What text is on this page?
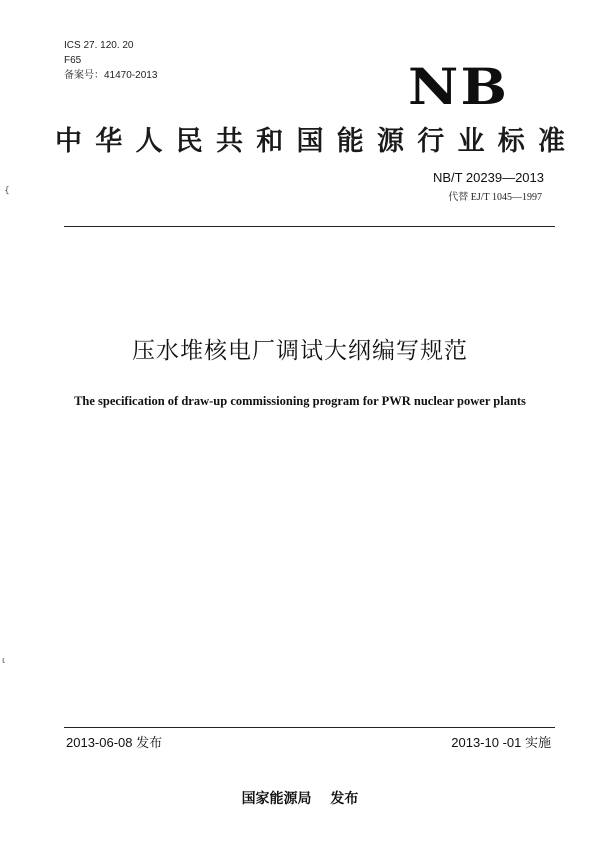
ICS 27. 120. 20
F65
备案号：41470-2013	NB
中 华 人 民 共 和 国 能 源 行 业 标 准
NB/T 20239—2013
代替 EJ/T 1045—1997
压水堆核电厂调试大纲编写规范
The specification of draw-up commissioning program for PWR nuclear power plants
{
ι
2013-06-08 发布	2013-10 -01 实施
国家能源局 发布
